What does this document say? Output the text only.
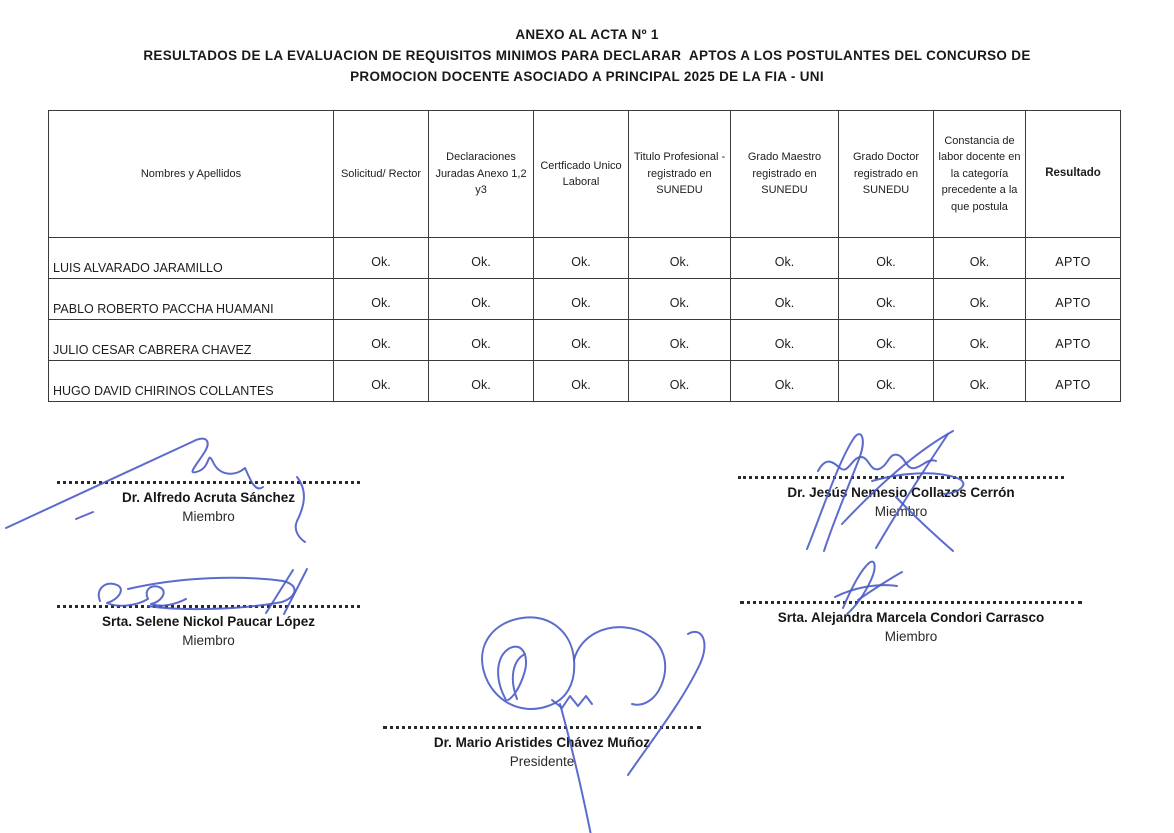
ANEXO AL ACTA Nº 1
RESULTADOS DE LA EVALUACION DE REQUISITOS MINIMOS PARA DECLARAR  APTOS A LOS POSTULANTES DEL CONCURSO DE
PROMOCION DOCENTE ASOCIADO A PRINCIPAL 2025 DE LA FIA - UNI
Nombres y Apellidos	Solicitud/ Rector	Declaraciones Juradas Anexo 1,2 y3	Certficado Unico Laboral	Titulo Profesional - registrado en SUNEDU	Grado Maestro registrado en SUNEDU	Grado Doctor registrado en SUNEDU	Constancia de labor docente en la categoría precedente a la que postula	Resultado
LUIS ALVARADO JARAMILLO	Ok.	Ok.	Ok.	Ok.	Ok.	Ok.	Ok.	APTO
PABLO ROBERTO PACCHA HUAMANI	Ok.	Ok.	Ok.	Ok.	Ok.	Ok.	Ok.	APTO
JULIO CESAR CABRERA CHAVEZ	Ok.	Ok.	Ok.	Ok.	Ok.	Ok.	Ok.	APTO
HUGO DAVID CHIRINOS COLLANTES	Ok.	Ok.	Ok.	Ok.	Ok.	Ok.	Ok.	APTO
Dr. Alfredo Acruta Sánchez
Miembro
Dr. Jesús Nemesio Collazos Cerrón
Miembro
Srta. Selene Nickol Paucar López
Miembro
Srta. Alejandra Marcela Condori Carrasco
Miembro
Dr. Mario Aristides Chávez Muñoz
Presidente
